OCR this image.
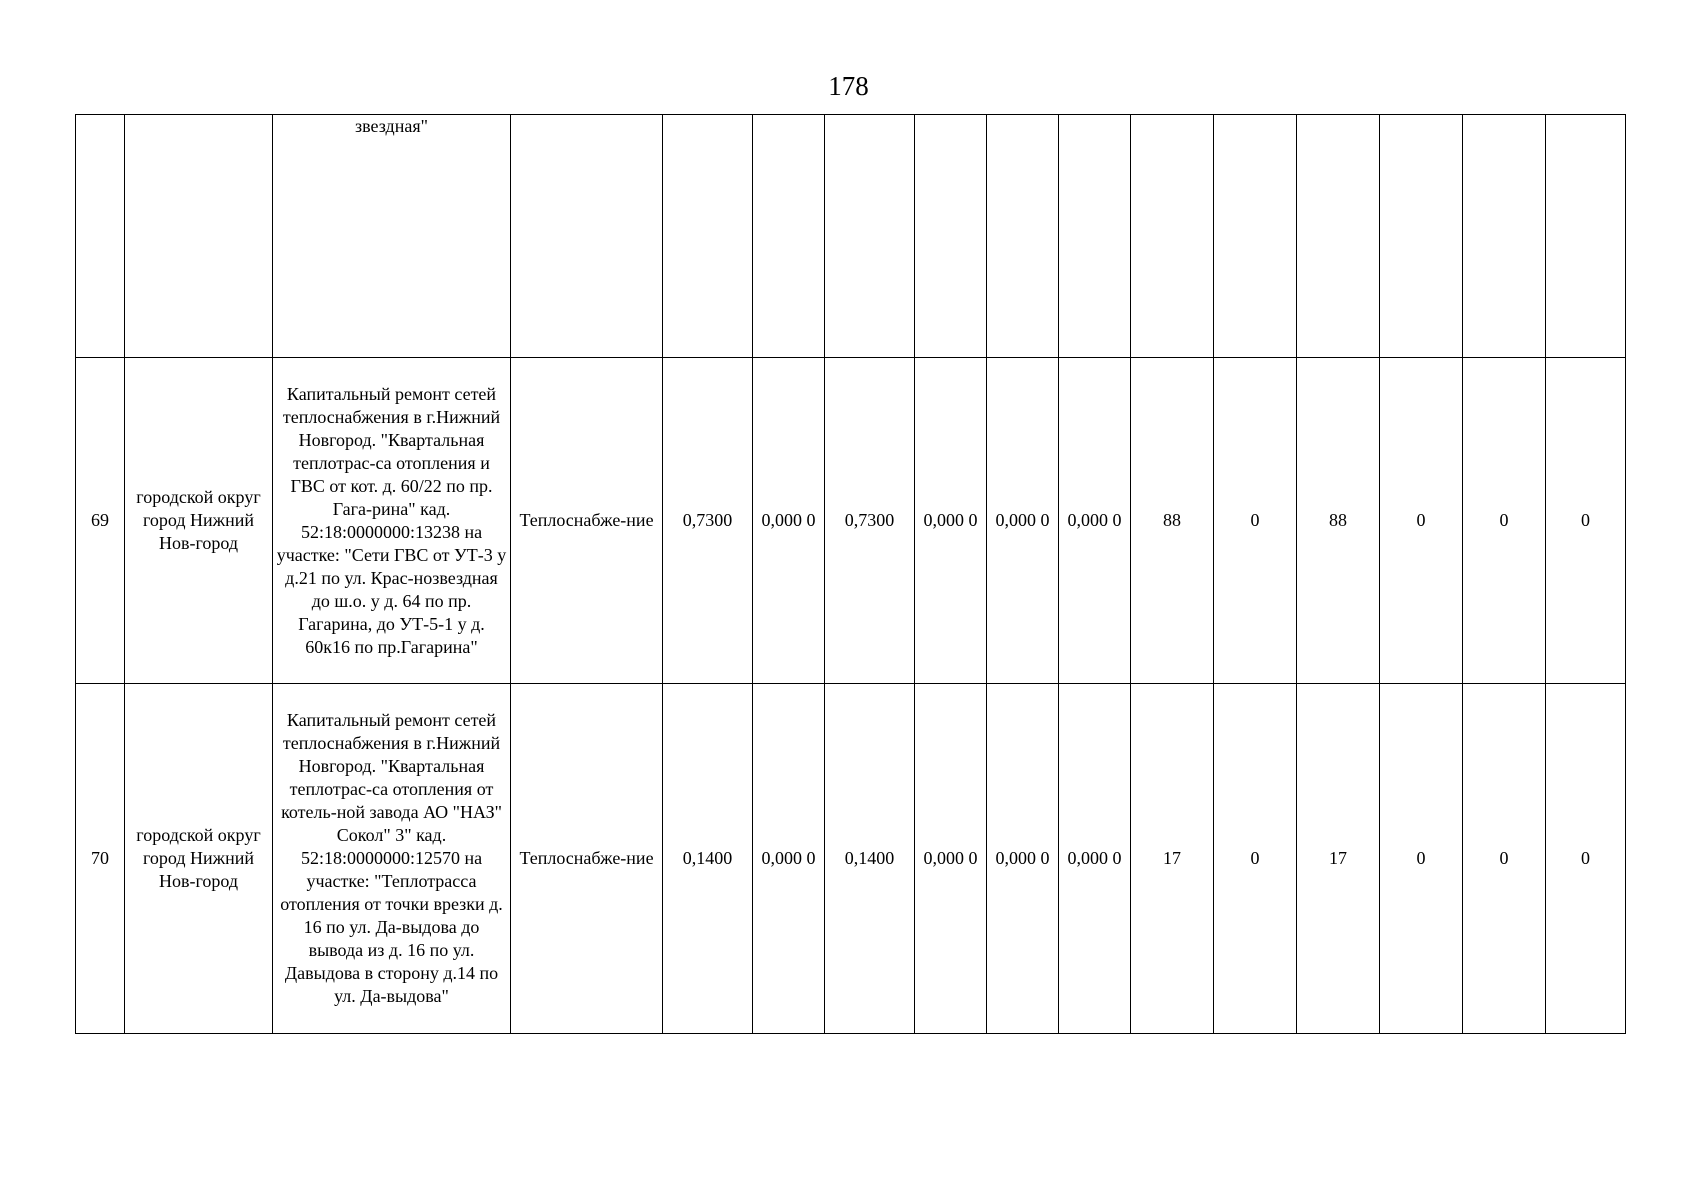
178
		звездная"													
69	городской округ город Нижний Нов-город	Капитальный ремонт сетей теплоснабжения в г.Нижний Новгород. "Квартальная теплотрас-са отопления и ГВС от кот. д. 60/22 по пр. Гага-рина" кад. 52:18:0000000:13238 на участке: "Сети ГВС от УТ-3 у д.21 по ул. Крас-нозвездная до ш.о. у д. 64 по пр. Гагарина, до УТ-5-1 у д. 60к16 по пр.Гагарина"	Теплоснабже-ние	0,7300	0,000 0	0,7300	0,000 0	0,000 0	0,000 0	88	0	88	0	0	0
70	городской округ город Нижний Нов-город	Капитальный ремонт сетей теплоснабжения в г.Нижний Новгород. "Квартальная теплотрас-са отопления от котель-ной завода АО "НАЗ" Сокол" 3" кад. 52:18:0000000:12570 на участке: "Теплотрасса отопления от точки врезки д. 16 по ул. Да-выдова до вывода из д. 16 по ул. Давыдова в сторону д.14 по ул. Да-выдова"	Теплоснабже-ние	0,1400	0,000 0	0,1400	0,000 0	0,000 0	0,000 0	17	0	17	0	0	0
